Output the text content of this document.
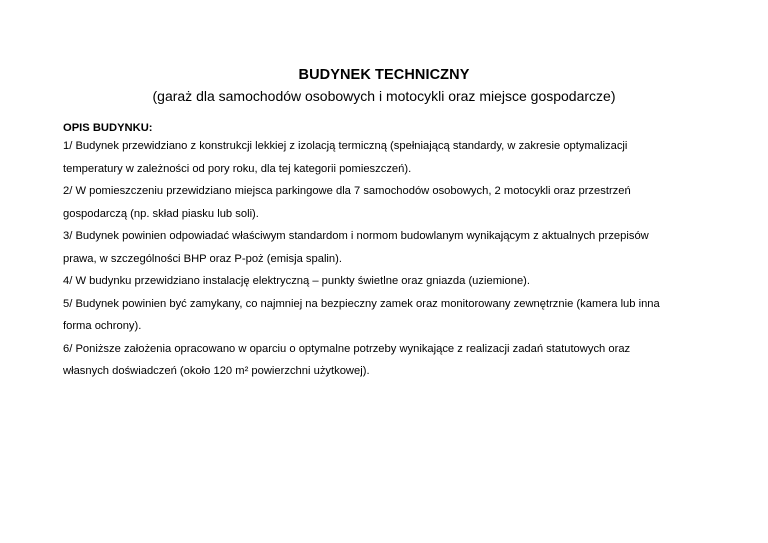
BUDYNEK TECHNICZNY
(garaż dla samochodów osobowych i motocykli oraz miejsce gospodarcze)
OPIS BUDYNKU:
1/ Budynek przewidziano z konstrukcji lekkiej z izolacją termiczną (spełniającą standardy, w zakresie optymalizacji
temperatury w zależności od pory roku, dla tej kategorii pomieszczeń).
2/ W pomieszczeniu przewidziano miejsca parkingowe dla 7 samochodów osobowych, 2 motocykli oraz przestrzeń
gospodarczą (np. skład piasku lub soli).
3/ Budynek powinien odpowiadać właściwym standardom i normom budowlanym wynikającym z aktualnych przepisów
prawa, w szczególności BHP oraz P-poż (emisja spalin).
4/ W budynku przewidziano instalację elektryczną – punkty świetlne oraz gniazda (uziemione).
5/ Budynek powinien być zamykany, co najmniej na bezpieczny zamek oraz monitorowany zewnętrznie (kamera lub inna
forma ochrony).
6/ Poniższe założenia opracowano w oparciu o optymalne potrzeby wynikające z realizacji zadań statutowych oraz
własnych doświadczeń (około 120 m² powierzchni użytkowej).
